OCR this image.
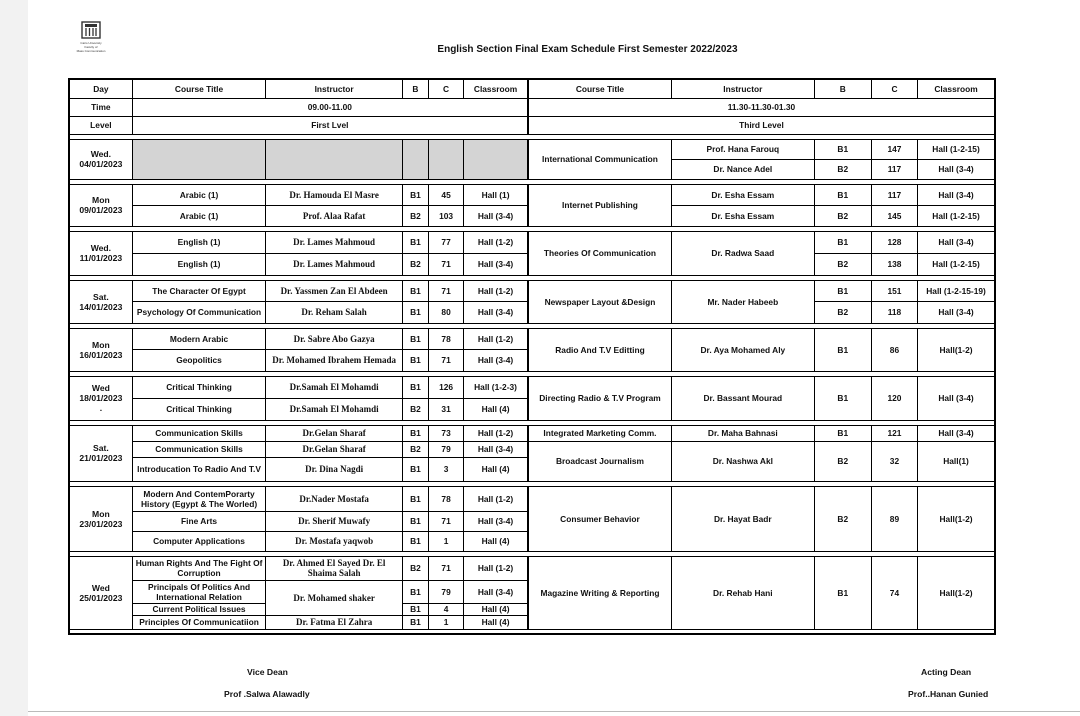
Cairo University
Faculty of
Mass Communication	English Section Final Exam Schedule First Semester 2022/2023
Day	Course Title	Instructor	B	C	Classroom	Course Title	Instructor	B	C	Classroom
Time	09.00-11.00					11.30-11.30-01.30				
Level	First Lvel					Third Level				

Wed.
04/01/2023						International Communication	Prof. Hana Farouq	B1	147	Hall (1-2-15)
							Dr. Nance Adel	B2	117	Hall (3-4)

Mon
09/01/2023	Arabic (1)	Dr. Hamouda El Masre	B1	45	Hall (1)	Internet Publishing	Dr. Esha Essam	B1	117	Hall (3-4)
	Arabic (1)	Prof. Alaa Rafat	B2	103	Hall (3-4)		Dr. Esha Essam	B2	145	Hall (1-2-15)

Wed.
11/01/2023	English (1)	Dr. Lames Mahmoud	B1	77	Hall (1-2)	Theories Of Communication	Dr. Radwa Saad	B1	128	Hall (3-4)
	English (1)	Dr. Lames Mahmoud	B2	71	Hall (3-4)			B2	138	Hall (1-2-15)

Sat.
14/01/2023	The Character Of Egypt	Dr. Yassmen Zan El Abdeen	B1	71	Hall (1-2)	Newspaper Layout &Design	Mr. Nader Habeeb	B1	151	Hall (1-2-15-19)
	Psychology Of Communication	Dr. Reham Salah	B1	80	Hall (3-4)			B2	118	Hall (3-4)

Mon
16/01/2023	Modern Arabic	Dr. Sabre Abo Gazya	B1	78	Hall (1-2)	Radio And T.V Editting	Dr. Aya Mohamed Aly	B1	86	Hall(1-2)
	Geopolitics	Dr. Mohamed Ibrahem Hemada	B1	71	Hall (3-4)					

Wed
18/01/2023
.	Critical Thinking	Dr.Samah El Mohamdi	B1	126	Hall (1-2-3)	Directing Radio & T.V Program	Dr. Bassant Mourad	B1	120	Hall (3-4)
	Critical Thinking	Dr.Samah El Mohamdi	B2	31	Hall (4)					

Sat.
21/01/2023	Communication Skills	Dr.Gelan Sharaf	B1	73	Hall (1-2)	Integrated Marketing Comm.	Dr. Maha Bahnasi	B1	121	Hall (3-4)
	Communication Skills	Dr.Gelan Sharaf	B2	79	Hall (3-4)	Broadcast Journalism	Dr. Nashwa Akl	B2	32	Hall(1)
	Introducation To Radio And T.V	Dr. Dina Nagdi	B1	3	Hall (4)					

Mon
23/01/2023	Modern And ContemPorarty History (Egypt & The Worled)	Dr.Nader Mostafa	B1	78	Hall (1-2)	Consumer Behavior	Dr. Hayat Badr	B2	89	Hall(1-2)
	Fine Arts	Dr. Sherif Muwafy	B1	71	Hall (3-4)					
	Computer Applications	Dr. Mostafa yaqwob	B1	1	Hall (4)					

Wed
25/01/2023	Human Rights And The Fight Of Corruption	Dr. Ahmed El Sayed Dr. El Shaima Salah	B2	71	Hall (1-2)	Magazine Writing & Reporting	Dr. Rehab Hani	B1	74	Hall(1-2)
	Principals Of Politics And International Relation	Dr. Mohamed shaker	B1	79	Hall (3-4)					
	Current Political Issues		B1	4	Hall (4)					
	Principles Of Communicatiion	Dr. Fatma El Zahra	B1	1	Hall (4)					

Vice Dean
Prof .Salwa Alawadly
Acting Dean
Prof..Hanan Gunied
